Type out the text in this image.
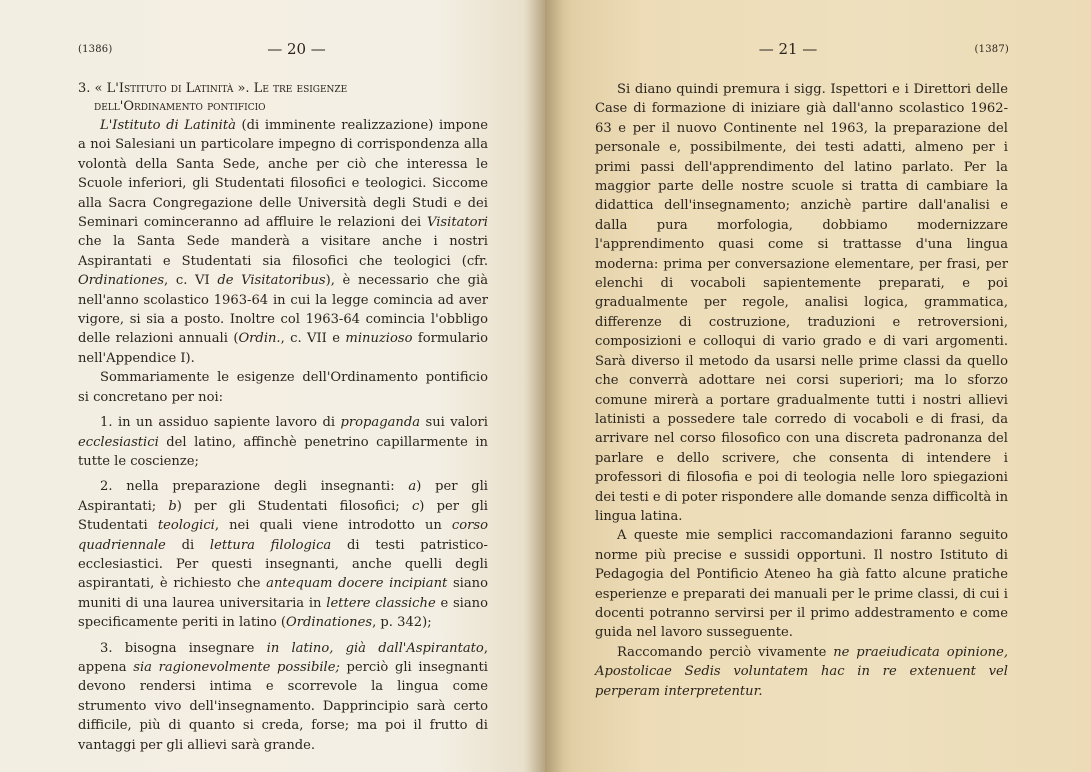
(1386)	— 20 —

3. « L'Istituto di Latinità ». Le tre esigenze
dell'Ordinamento pontificio

L'Istituto di Latinità (di imminente realizzazione) impone a noi Salesiani un particolare impegno di corrispondenza alla volontà della Santa Sede, anche per ciò che interessa le Scuole inferiori, gli Studentati filosofici e teologici. Siccome alla Sacra Congregazione delle Università degli Studi e dei Seminari cominceranno ad affluire le relazioni dei Visitatori che la Santa Sede manderà a visitare anche i nostri Aspirantati e Studentati sia filosofici che teologici (cfr. Ordinationes, c. VI de Visitatoribus), è necessario che già nell'anno scolastico 1963-64 in cui la legge comincia ad aver vigore, si sia a posto. Inoltre col 1963-64 comincia l'obbligo delle relazioni annuali (Ordin., c. VII e minuzioso formulario nell'Appendice I).

Sommariamente le esigenze dell'Ordinamento pontificio si concretano per noi:

1. in un assiduo sapiente lavoro di propaganda sui valori ecclesiastici del latino, affinchè penetrino capillarmente in tutte le coscienze;

2. nella preparazione degli insegnanti: a) per gli Aspirantati; b) per gli Studentati filosofici; c) per gli Studentati teologici, nei quali viene introdotto un corso quadriennale di lettura filologica di testi patristico-ecclesiastici. Per questi insegnanti, anche quelli degli aspirantati, è richiesto che antequam docere incipiant siano muniti di una laurea universitaria in lettere classiche e siano specificamente periti in latino (Ordinationes, p. 342);

3. bisogna insegnare in latino, già dall'Aspirantato, appena sia ragionevolmente possibile; perciò gli insegnanti devono rendersi intima e scorrevole la lingua come strumento vivo dell'insegnamento. Dapprincipio sarà certo difficile, più di quanto si creda, forse; ma poi il frutto di vantaggi per gli allievi sarà grande.

— 21 —	(1387)

Si diano quindi premura i sigg. Ispettori e i Direttori delle Case di formazione di iniziare già dall'anno scolastico 1962-63 e per il nuovo Continente nel 1963, la preparazione del personale e, possibilmente, dei testi adatti, almeno per i primi passi dell'apprendimento del latino parlato. Per la maggior parte delle nostre scuole si tratta di cambiare la didattica dell'insegnamento; anzichè partire dall'analisi e dalla pura morfologia, dobbiamo modernizzare l'apprendimento quasi come si trattasse d'una lingua moderna: prima per conversazione elementare, per frasi, per elenchi di vocaboli sapientemente preparati, e poi gradualmente per regole, analisi logica, grammatica, differenze di costruzione, traduzioni e retroversioni, composizioni e colloqui di vario grado e di vari argomenti. Sarà diverso il metodo da usarsi nelle prime classi da quello che converrà adottare nei corsi superiori; ma lo sforzo comune mirerà a portare gradualmente tutti i nostri allievi latinisti a possedere tale corredo di vocaboli e di frasi, da arrivare nel corso filosofico con una discreta padronanza del parlare e dello scrivere, che consenta di intendere i professori di filosofia e poi di teologia nelle loro spiegazioni dei testi e di poter rispondere alle domande senza difficoltà in lingua latina.

A queste mie semplici raccomandazioni faranno seguito norme più precise e sussidi opportuni. Il nostro Istituto di Pedagogia del Pontificio Ateneo ha già fatto alcune pratiche esperienze e preparati dei manuali per le prime classi, di cui i docenti potranno servirsi per il primo addestramento e come guida nel lavoro susseguente.

Raccomando perciò vivamente ne praeiudicata opinione, Apostolicae Sedis voluntatem hac in re extenuent vel perperam interpretentur.
